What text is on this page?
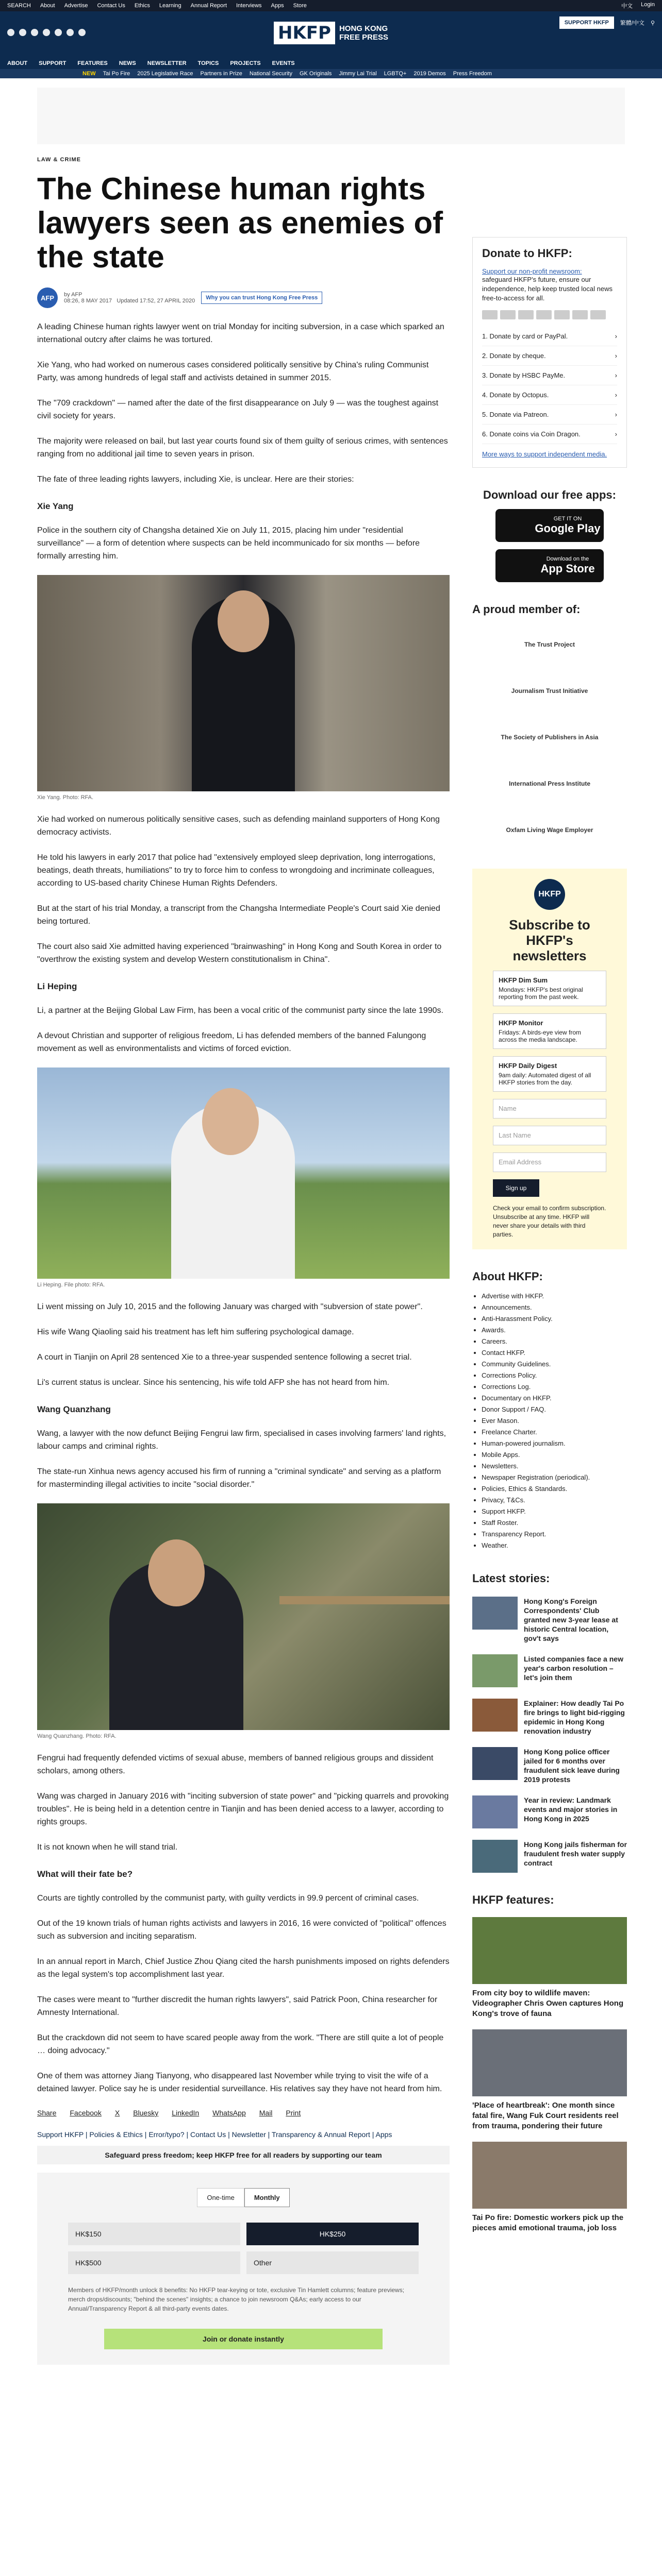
SEARCH About Advertise Contact Us Ethics Learning Annual Report Interviews Apps Store	中文 Login
HKFP	HONG KONG
FREE PRESS
SUPPORT HKFP	繁體/中文 ⚲
ABOUT SUPPORT FEATURES NEWS NEWSLETTER TOPICS PROJECTS EVENTS
NEW Tai Po Fire 2025 Legislative Race Partners in Prize National Security GK Originals Jimmy Lai Trial LGBTQ+ 2019 Demos Press Freedom
LAW & CRIME
The Chinese human rights lawyers seen as enemies of the state
AFP	by AFP
08:26, 8 MAY 2017 Updated 17:52, 27 APRIL 2020	Why you can trust Hong Kong Free Press

A leading Chinese human rights lawyer went on trial Monday for inciting subversion, in a case which sparked an international outcry after claims he was tortured.

Xie Yang, who had worked on numerous cases considered politically sensitive by China's ruling Communist Party, was among hundreds of legal staff and activists detained in summer 2015.

The "709 crackdown" — named after the date of the first disappearance on July 9 — was the toughest against civil society for years.

The majority were released on bail, but last year courts found six of them guilty of serious crimes, with sentences ranging from no additional jail time to seven years in prison.

The fate of three leading rights lawyers, including Xie, is unclear. Here are their stories:

Xie Yang

Police in the southern city of Changsha detained Xie on July 11, 2015, placing him under "residential surveillance" — a form of detention where suspects can be held incommunicado for six months — before formally arresting him.

Xie Yang. Photo: RFA.

Xie had worked on numerous politically sensitive cases, such as defending mainland supporters of Hong Kong democracy activists.

He told his lawyers in early 2017 that police had "extensively employed sleep deprivation, long interrogations, beatings, death threats, humiliations" to try to force him to confess to wrongdoing and incriminate colleagues, according to US-based charity Chinese Human Rights Defenders.

But at the start of his trial Monday, a transcript from the Changsha Intermediate People's Court said Xie denied being tortured.

The court also said Xie admitted having experienced "brainwashing" in Hong Kong and South Korea in order to "overthrow the existing system and develop Western constitutionalism in China".

Li Heping

Li, a partner at the Beijing Global Law Firm, has been a vocal critic of the communist party since the late 1990s.

A devout Christian and supporter of religious freedom, Li has defended members of the banned Falungong movement as well as environmentalists and victims of forced eviction.

Li Heping. File photo: RFA.

Li went missing on July 10, 2015 and the following January was charged with "subversion of state power".

His wife Wang Qiaoling said his treatment has left him suffering psychological damage.

A court in Tianjin on April 28 sentenced Xie to a three-year suspended sentence following a secret trial.

Li's current status is unclear. Since his sentencing, his wife told AFP she has not heard from him.

Wang Quanzhang

Wang, a lawyer with the now defunct Beijing Fengrui law firm, specialised in cases involving farmers' land rights, labour camps and criminal rights.

The state-run Xinhua news agency accused his firm of running a "criminal syndicate" and serving as a platform for masterminding illegal activities to incite "social disorder."

Wang Quanzhang. Photo: RFA.

Fengrui had frequently defended victims of sexual abuse, members of banned religious groups and dissident scholars, among others.

Wang was charged in January 2016 with "inciting subversion of state power" and "picking quarrels and provoking troubles". He is being held in a detention centre in Tianjin and has been denied access to a lawyer, according to rights groups.

It is not known when he will stand trial.

What will their fate be?

Courts are tightly controlled by the communist party, with guilty verdicts in 99.9 percent of criminal cases.

Out of the 19 known trials of human rights activists and lawyers in 2016, 16 were convicted of "political" offences such as subversion and inciting separatism.

In an annual report in March, Chief Justice Zhou Qiang cited the harsh punishments imposed on rights defenders as the legal system's top accomplishment last year.

The cases were meant to "further discredit the human rights lawyers", said Patrick Poon, China researcher for Amnesty International.

But the crackdown did not seem to have scared people away from the work. "There are still quite a lot of people … doing advocacy."

One of them was attorney Jiang Tianyong, who disappeared last November while trying to visit the wife of a detained lawyer. Police say he is under residential surveillance. His relatives say they have not heard from him.

Share Facebook X Bluesky LinkedIn WhatsApp Mail Print
Support HKFP | Policies & Ethics | Error/typo? | Contact Us | Newsletter | Transparency & Annual Report | Apps
Safeguard press freedom; keep HKFP free for all readers by supporting our team
One-time	Monthly
HK$150	HK$250
HK$500	Other
Members of HKFP/month unlock 8 benefits: No HKFP tear-keying or tote, exclusive Tin Hamlett columns; feature previews; merch drops/discounts; "behind the scenes" insights; a chance to join newsroom Q&As; early access to our Annual/Transparency Report & all third-party events dates.
Join or donate instantly
Donate to HKFP:
Support our non-profit newsroom:
safeguard HKFP's future, ensure our independence, help keep trusted local news free-to-access for all.
1. Donate by card or PayPal.	›
2. Donate by cheque.	›
3. Donate by HSBC PayMe.	›
4. Donate by Octopus.	›
5. Donate via Patreon.	›
6. Donate coins via Coin Dragon.	›
More ways to support independent media.
Download our free apps:
GET IT ON
Google Play
Download on the
App Store
A proud member of:
The Trust Project
Journalism Trust Initiative
The Society of Publishers in Asia
International Press Institute
Oxfam Living Wage Employer
HKFP
Subscribe to HKFP's newsletters
HKFP Dim Sum
Mondays: HKFP's best original reporting from the past week.
HKFP Monitor
Fridays: A birds-eye view from across the media landscape.
HKFP Daily Digest
9am daily: Automated digest of all HKFP stories from the day.
Name
Last Name
Email Address
Sign up
Check your email to confirm subscription. Unsubscribe at any time. HKFP will never share your details with third parties.
About HKFP:
• Advertise with HKFP.
• Announcements.
• Anti-Harassment Policy.
• Awards.
• Careers.
• Contact HKFP.
• Community Guidelines.
• Corrections Policy.
• Corrections Log.
• Documentary on HKFP.
• Donor Support / FAQ.
• Ever Mason.
• Freelance Charter.
• Human-powered journalism.
• Mobile Apps.
• Newsletters.
• Newspaper Registration (periodical).
• Policies, Ethics & Standards.
• Privacy, T&Cs.
• Support HKFP.
• Staff Roster.
• Transparency Report.
• Weather.
Latest stories:
Hong Kong's Foreign Correspondents' Club granted new 3-year lease at historic Central location, gov't says
Listed companies face a new year's carbon resolution – let's join them
Explainer: How deadly Tai Po fire brings to light bid-rigging epidemic in Hong Kong renovation industry
Hong Kong police officer jailed for 6 months over fraudulent sick leave during 2019 protests
Year in review: Landmark events and major stories in Hong Kong in 2025
Hong Kong jails fisherman for fraudulent fresh water supply contract
HKFP features:
From city boy to wildlife maven: Videographer Chris Owen captures Hong Kong's trove of fauna
'Place of heartbreak': One month since fatal fire, Wang Fuk Court residents reel from trauma, pondering their future
Tai Po fire: Domestic workers pick up the pieces amid emotional trauma, job loss
